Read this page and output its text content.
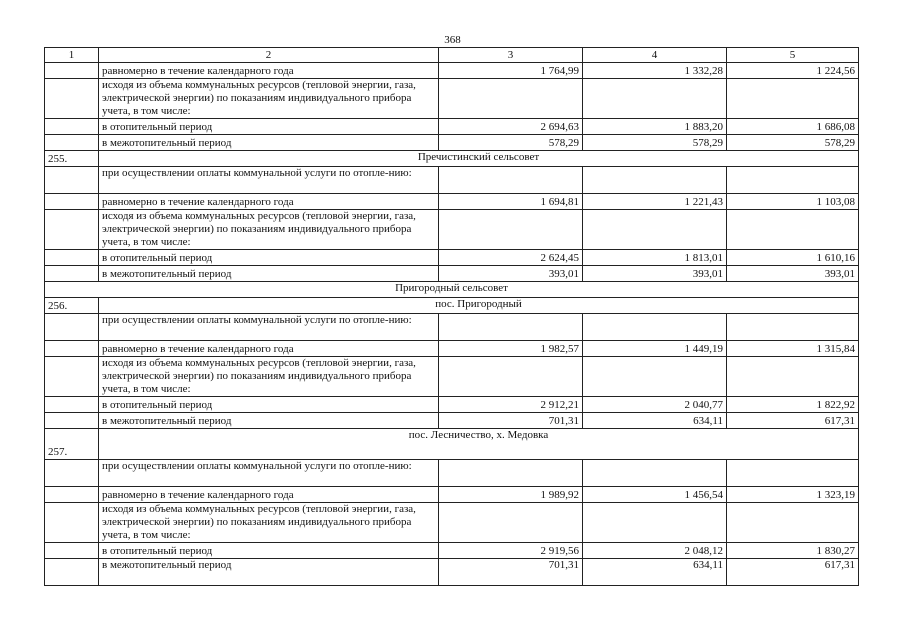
368
1	2	3	4	5
	равномерно в течение календарного года	1 764,99	1 332,28	1 224,56
	исходя из объема коммунальных ресурсов (тепловой энергии, газа, электрической энергии) по показаниям индивидуального прибора учета, в том числе:			
	в отопительный период	2 694,63	1 883,20	1 686,08
	в межотопительный период	578,29	578,29	578,29
255.	Пречистинский сельсовет			
	при осуществлении оплаты коммунальной услуги по отопле-нию:			
	равномерно в течение календарного года	1 694,81	1 221,43	1 103,08
	исходя из объема коммунальных ресурсов (тепловой энергии, газа, электрической энергии) по показаниям индивидуального прибора учета, в том числе:			
	в отопительный период	2 624,45	1 813,01	1 610,16
	в межотопительный период	393,01	393,01	393,01
Пригородный сельсовет				
256.	пос. Пригородный			
	при осуществлении оплаты коммунальной услуги по отопле-нию:			
	равномерно в течение календарного года	1 982,57	1 449,19	1 315,84
	исходя из объема коммунальных ресурсов (тепловой энергии, газа, электрической энергии) по показаниям индивидуального прибора учета, в том числе:			
	в отопительный период	2 912,21	2 040,77	1 822,92
	в межотопительный период	701,31	634,11	617,31
257.	пос. Лесничество, х. Медовка			
	при осуществлении оплаты коммунальной услуги по отопле-нию:			
	равномерно в течение календарного года	1 989,92	1 456,54	1 323,19
	исходя из объема коммунальных ресурсов (тепловой энергии, газа, электрической энергии) по показаниям индивидуального прибора учета, в том числе:			
	в отопительный период	2 919,56	2 048,12	1 830,27
	в межотопительный период	701,31	634,11	617,31
